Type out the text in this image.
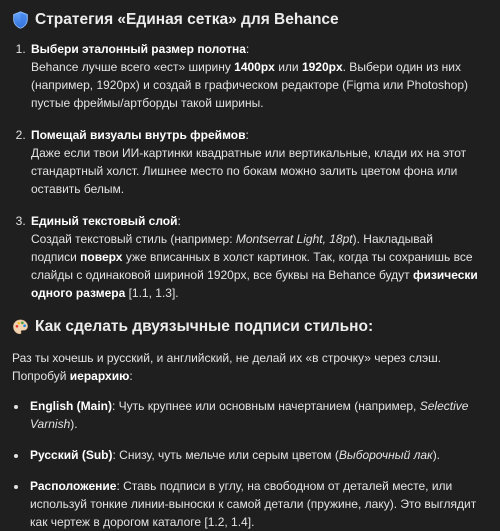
Стратегия «Единая сетка» для Behance
1. Выбери эталонный размер полотна:
Behance лучше всего «ест» ширину 1400px или 1920px. Выбери один из них (например, 1920px) и создай в графическом редакторе (Figma или Photoshop) пустые фреймы/артборды такой ширины.
2. Помещай визуалы внутрь фреймов:
Даже если твои ИИ-картинки квадратные или вертикальные, клади их на этот стандартный холст. Лишнее место по бокам можно залить цветом фона или оставить белым.
3. Единый текстовый слой:
Создай текстовый стиль (например: Montserrat Light, 18pt). Накладывай подписи поверх уже вписанных в холст картинок. Так, когда ты сохранишь все слайды с одинаковой шириной 1920px, все буквы на Behance будут физически одного размера [1.1, 1.3].
Как сделать двуязычные подписи стильно:

Раз ты хочешь и русский, и английский, не делай их «в строчку» через слэш. Попробуй иерархию:

• English (Main): Чуть крупнее или основным начертанием (например, Selective Varnish).
• Русский (Sub): Снизу, чуть мельче или серым цветом (Выборочный лак).
• Расположение: Ставь подписи в углу, на свободном от деталей месте, или используй тонкие линии-выноски к самой детали (пружине, лаку). Это выглядит как чертеж в дорогом каталоге [1.2, 1.4].
